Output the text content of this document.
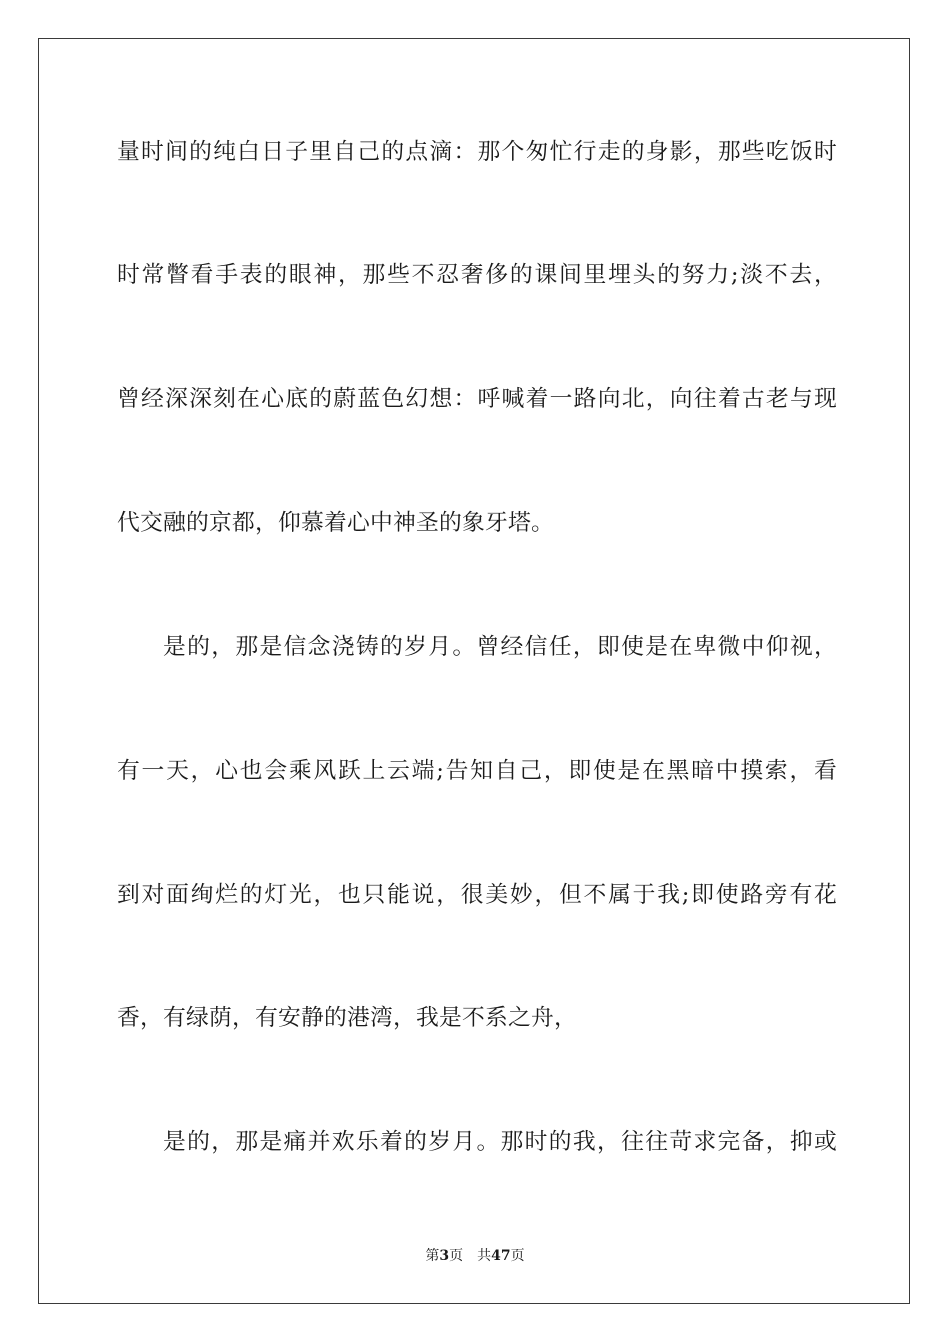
量时间的纯白日子里自己的点滴：那个匆忙行走的身影，那些吃饭时

时常瞥看手表的眼神，那些不忍奢侈的课间里埋头的努力;淡不去，

曾经深深刻在心底的蔚蓝色幻想：呼喊着一路向北，向往着古老与现

代交融的京都，仰慕着心中神圣的象牙塔。

是的，那是信念浇铸的岁月。曾经信任，即使是在卑微中仰视，

有一天，心也会乘风跃上云端;告知自己，即使是在黑暗中摸索，看

到对面绚烂的灯光，也只能说，很美妙，但不属于我;即使路旁有花

香，有绿荫，有安静的港湾，我是不系之舟，

是的，那是痛并欢乐着的岁月。那时的我，往往苛求完备，抑或

第3页 共47页
